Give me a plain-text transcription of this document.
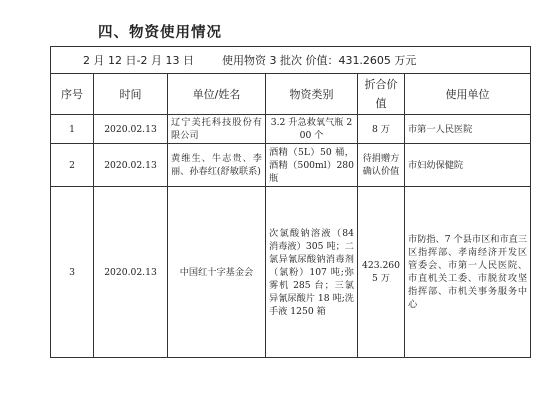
四、物资使用情况
2 月 12 日-2 月 13 日 使用物资 3 批次 价值：431.2605 万元					
序号	时间	单位/姓名	物资类别	折合价值	使用单位
1	2020.02.13	辽宁美托科技股份有限公司	3.2 升急救氧气瓶 200 个	8 万	市第一人民医院
2	2020.02.13	黄维生、牛志贵、李丽、孙春红(舒敏联系)	酒精（5L）50 桶，酒精（500ml）280 瓶	待捐赠方确认价值	市妇幼保健院
3	2020.02.13	中国红十字基金会	次氯酸钠溶液（84 消毒液）305 吨；二氯异氰尿酸钠消毒剂（氯粉）107 吨;弥雾机 285 台；三氯异氰尿酸片 18 吨;洗手液 1250 箱	423.2605 万	市防指、7 个县市区和市直三区指挥部、孝南经济开发区管委会、市第一人民医院、市直机关工委、市脱贫攻坚指挥部、市机关事务服务中心
